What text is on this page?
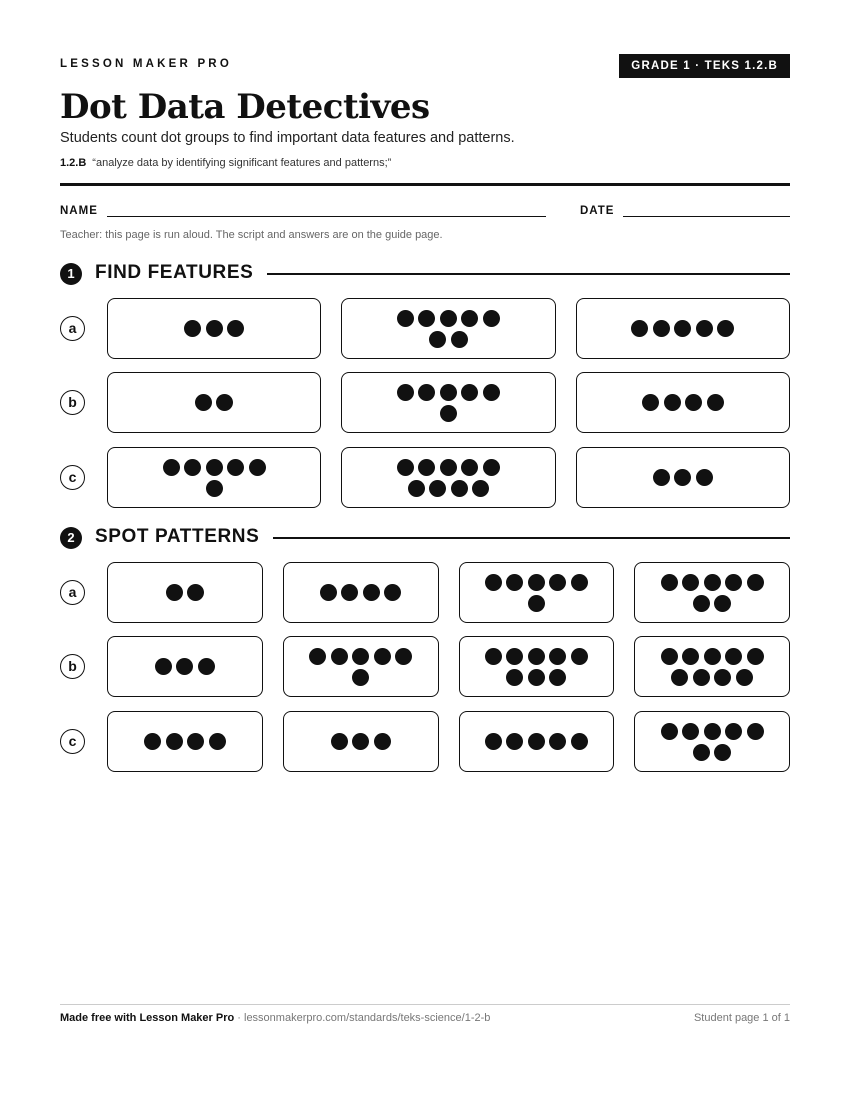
LESSON MAKER PRO	GRADE 1 · TEKS 1.2.B
Dot Data Detectives
Students count dot groups to find important data features and patterns.
1.2.B “analyze data by identifying significant features and patterns;”
NAME	DATE
Teacher: this page is run aloud. The script and answers are on the guide page.
1	FIND FEATURES
a
b
c
2	SPOT PATTERNS
a
b
c
Made free with Lesson Maker Pro · lessonmakerpro.com/standards/teks-science/1-2-b	Student page 1 of 1
